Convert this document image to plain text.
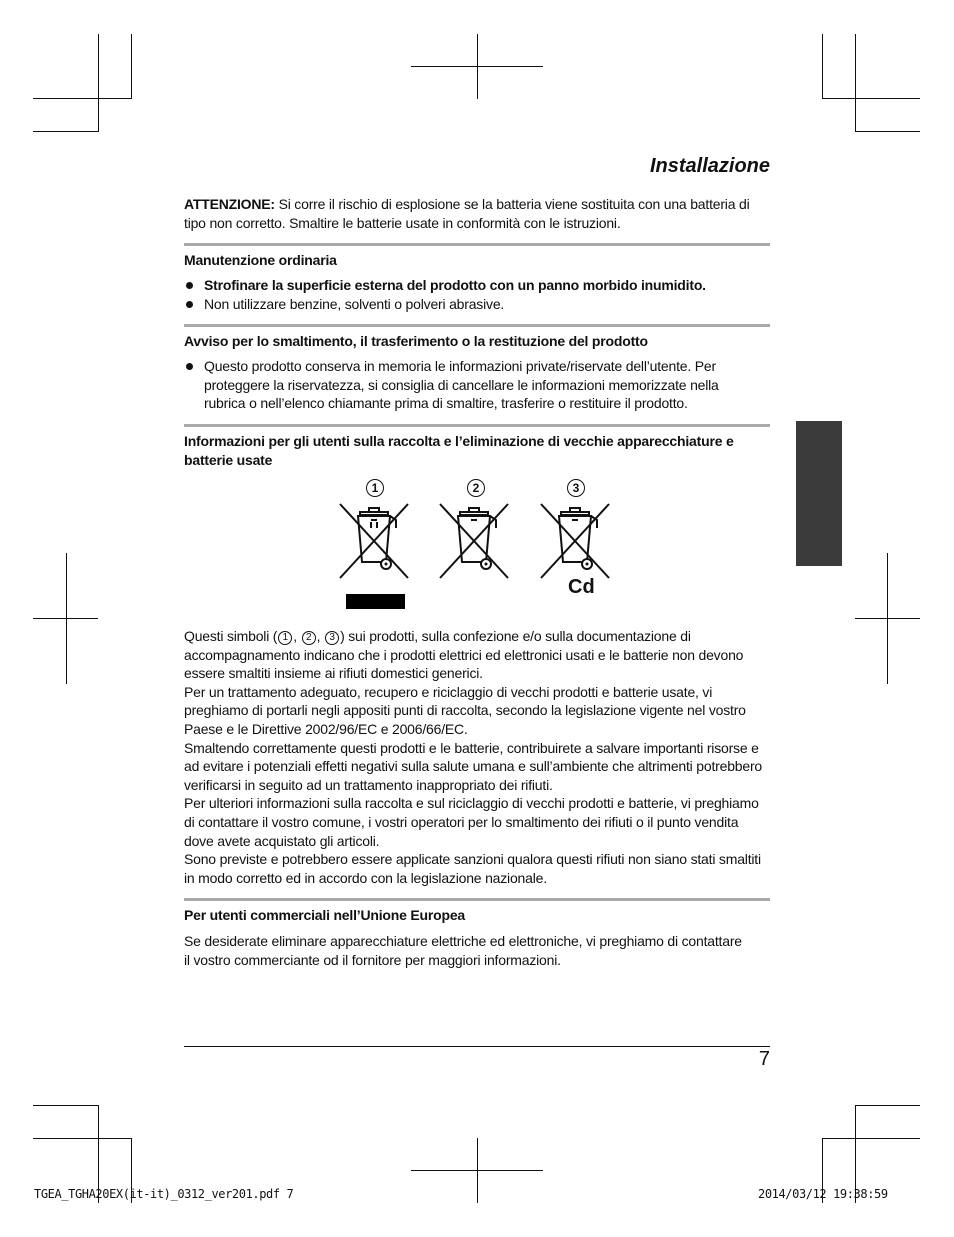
Installazione
ATTENZIONE: Si corre il rischio di esplosione se la batteria viene sostituita con una batteria di tipo non corretto. Smaltire le batterie usate in conformità con le istruzioni.
Manutenzione ordinaria
Strofinare la superficie esterna del prodotto con un panno morbido inumidito.
Non utilizzare benzine, solventi o polveri abrasive.
Avviso per lo smaltimento, il trasferimento o la restituzione del prodotto
Questo prodotto conserva in memoria le informazioni private/riservate dell’utente. Per proteggere la riservatezza, si consiglia di cancellare le informazioni memorizzate nella rubrica o nell’elenco chiamante prima di smaltire, trasferire o restituire il prodotto.
Informazioni per gli utenti sulla raccolta e l’eliminazione di vecchie apparecchiature e batterie usate
1	2	3
Cd
Questi simboli ( 1 , 2 , 3 ) sui prodotti, sulla confezione e/o sulla documentazione di accompagnamento indicano che i prodotti elettrici ed elettronici usati e le batterie non devono essere smaltiti insieme ai rifiuti domestici generici.
Per un trattamento adeguato, recupero e riciclaggio di vecchi prodotti e batterie usate, vi preghiamo di portarli negli appositi punti di raccolta, secondo la legislazione vigente nel vostro Paese e le Direttive 2002/96/EC e 2006/66/EC.
Smaltendo correttamente questi prodotti e le batterie, contribuirete a salvare importanti risorse e ad evitare i potenziali effetti negativi sulla salute umana e sull’ambiente che altrimenti potrebbero verificarsi in seguito ad un trattamento inappropriato dei rifiuti.
Per ulteriori informazioni sulla raccolta e sul riciclaggio di vecchi prodotti e batterie, vi preghiamo di contattare il vostro comune, i vostri operatori per lo smaltimento dei rifiuti o il punto vendita dove avete acquistato gli articoli.
Sono previste e potrebbero essere applicate sanzioni qualora questi rifiuti non siano stati smaltiti in modo corretto ed in accordo con la legislazione nazionale.
Per utenti commerciali nell’Unione Europea
Se desiderate eliminare apparecchiature elettriche ed elettroniche, vi preghiamo di contattare il vostro commerciante od il fornitore per maggiori informazioni.
7
TGEA_TGHA20EX(it-it)_0312_ver201.pdf 7	2014/03/12 19:38:59
